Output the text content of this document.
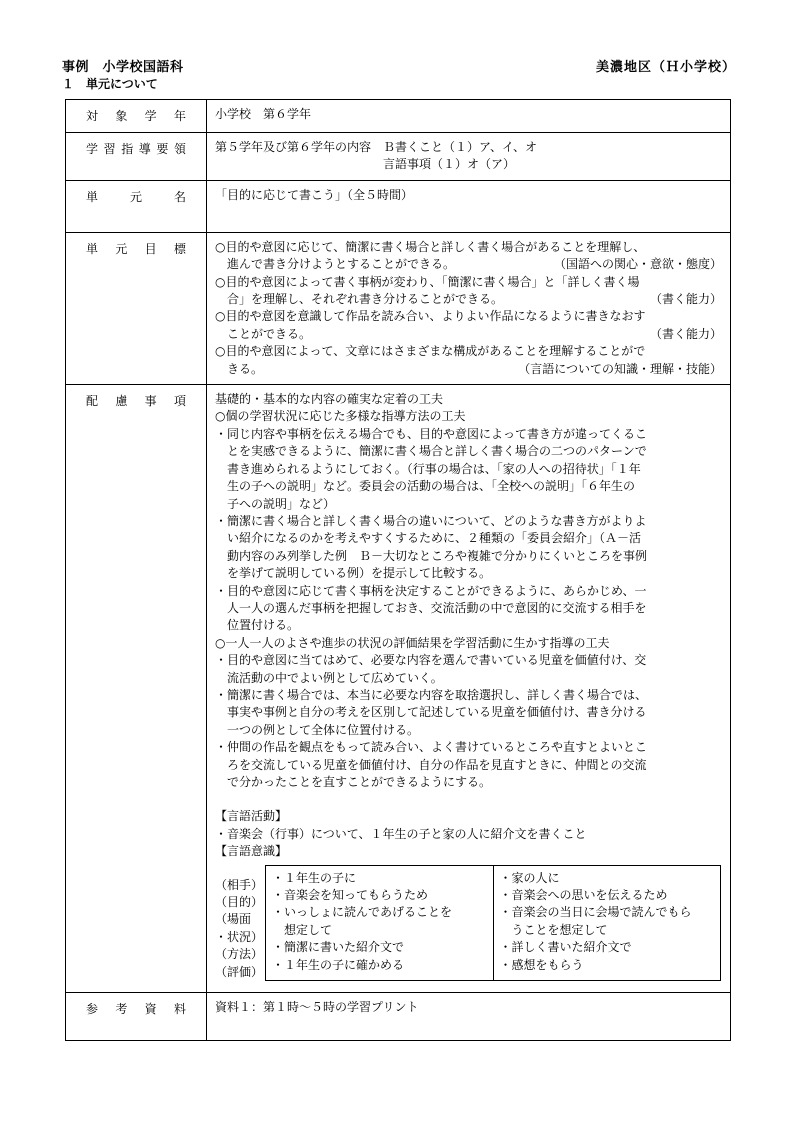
事例　小学校国語科
１　単元について
美濃地区（Ｈ小学校）
対象学年	小学校　第６学年

学習指導要領	第５学年及び第６学年の内容　Ｂ書くこと（１）ア、イ、オ
　　　　　　　　　　　　　　言語事項（１）オ（ア）

単元名	「目的に応じて書こう」（全５時間）

単元目標	○目的や意図に応じて、簡潔に書く場合と詳しく書く場合があることを理解し、
　進んで書き分けようとすることができる。	（国語への関心・意欲・態度）
○目的や意図によって書く事柄が変わり、「簡潔に書く場合」と「詳しく書く場
　合」を理解し、それぞれ書き分けることができる。	（書く能力）
○目的や意図を意識して作品を読み合い、よりよい作品になるように書きなおす
　ことができる。	（書く能力）
○目的や意図によって、文章にはさまざまな構成があることを理解することがで
　きる。	（言語についての知識・理解・技能）

配慮事項	基礎的・基本的な内容の確実な定着の工夫
○個の学習状況に応じた多様な指導方法の工夫
・同じ内容や事柄を伝える場合でも、目的や意図によって書き方が違ってくるこ
　とを実感できるように、簡潔に書く場合と詳しく書く場合の二つのパターンで
　書き進められるようにしておく。（行事の場合は、「家の人への招待状」「１年
　生の子への説明」など。委員会の活動の場合は、「全校への説明」「６年生の
　子への説明」など）
・簡潔に書く場合と詳しく書く場合の違いについて、どのような書き方がよりよ
　い紹介になるのかを考えやすくするために、２種類の「委員会紹介」（Ａ－活
　動内容のみ列挙した例　Ｂ－大切なところや複雑で分かりにくいところを事例
　を挙げて説明している例）を提示して比較する。
・目的や意図に応じて書く事柄を決定することができるように、あらかじめ、一
　人一人の選んだ事柄を把握しておき、交流活動の中で意図的に交流する相手を
　位置付ける。
○一人一人のよさや進歩の状況の評価結果を学習活動に生かす指導の工夫
・目的や意図に当てはめて、必要な内容を選んで書いている児童を価値付け、交
　流活動の中でよい例として広めていく。
・簡潔に書く場合では、本当に必要な内容を取捨選択し、詳しく書く場合では、
　事実や事例と自分の考えを区別して記述している児童を価値付け、書き分ける
　一つの例として全体に位置付ける。
・仲間の作品を観点をもって読み合い、よく書けているところや直すとよいとこ
　ろを交流している児童を価値付け、自分の作品を見直すときに、仲間との交流
　で分かったことを直すことができるようにする。
【言語活動】
・音楽会（行事）について、１年生の子と家の人に紹介文を書くこと
【言語意識】
（相手）
（目的）
（場面
・状況）
（方法）
（評価）
・１年生の子に
・音楽会を知ってもらうため
・いっしょに読んであげることを
　想定して
・簡潔に書いた紹介文で
・１年生の子に確かめる

・家の人に
・音楽会への思いを伝えるため
・音楽会の当日に会場で読んでもら
　うことを想定して
・詳しく書いた紹介文で
・感想をもらう

参考資料	資料１：第１時～５時の学習プリント
